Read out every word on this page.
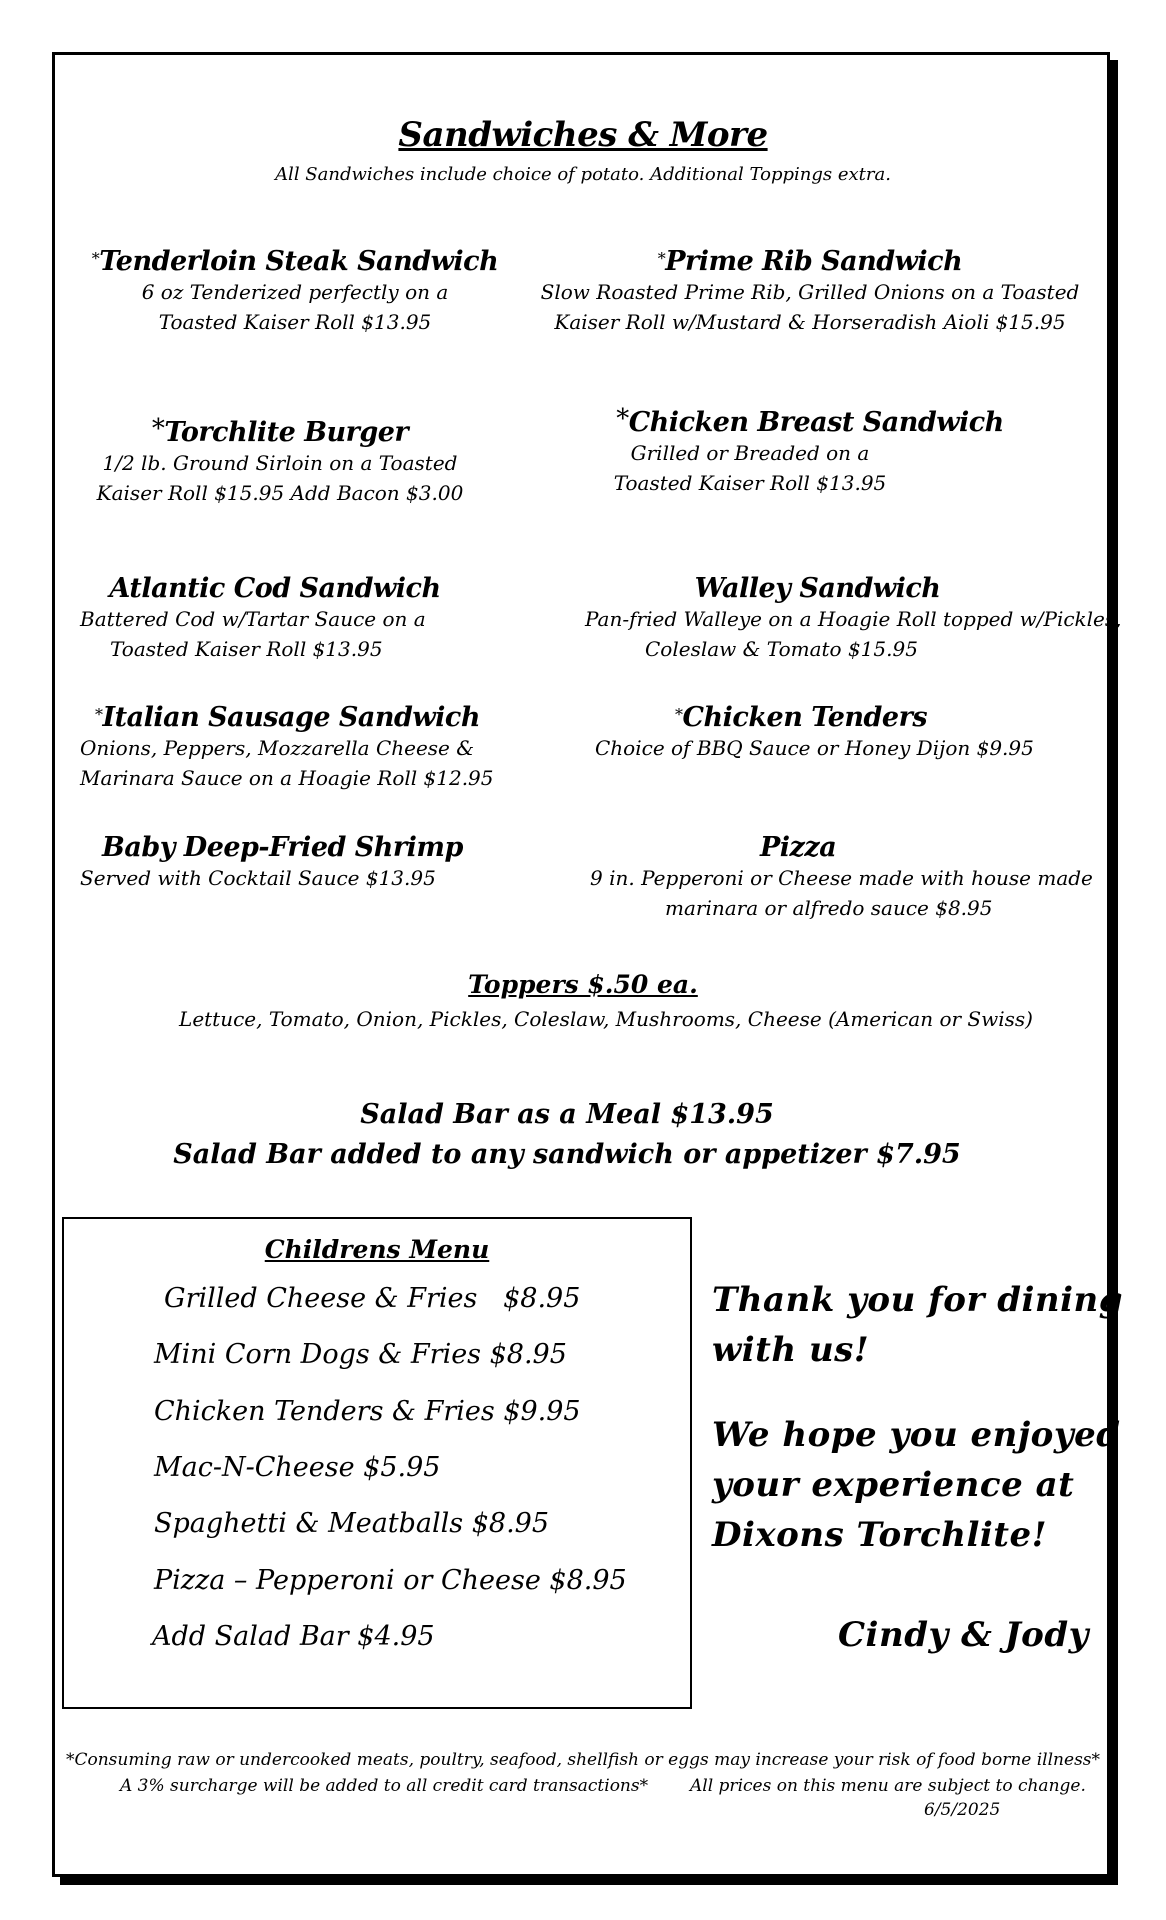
Sandwiches & More
All Sandwiches include choice of potato. Additional Toppings extra.
*Tenderloin Steak Sandwich
6 oz Tenderized perfectly on a
Toasted Kaiser Roll $13.95
*Prime Rib Sandwich
Slow Roasted Prime Rib, Grilled Onions on a Toasted
Kaiser Roll w/Mustard & Horseradish Aioli $15.95
*Torchlite Burger
1/2 lb. Ground Sirloin on a Toasted
Kaiser Roll $15.95 Add Bacon $3.00
*Chicken Breast Sandwich
Grilled or Breaded on a
Toasted Kaiser Roll $13.95
Atlantic Cod Sandwich
Battered Cod w/Tartar Sauce on a
Toasted Kaiser Roll $13.95
Walley Sandwich
Pan-fried Walleye on a Hoagie Roll topped w/Pickles,
Coleslaw & Tomato $15.95
*Italian Sausage Sandwich
Onions, Peppers, Mozzarella Cheese &
Marinara Sauce on a Hoagie Roll $12.95
*Chicken Tenders
Choice of BBQ Sauce or Honey Dijon $9.95
Baby Deep-Fried Shrimp
Served with Cocktail Sauce $13.95
Pizza
9 in. Pepperoni or Cheese made with house made
marinara or alfredo sauce $8.95
Toppers $.50 ea.
Lettuce, Tomato, Onion, Pickles, Coleslaw, Mushrooms, Cheese (American or Swiss)
Salad Bar as a Meal $13.95
Salad Bar added to any sandwich or appetizer $7.95
Childrens Menu
Grilled Cheese & Fries   $8.95
Mini Corn Dogs & Fries $8.95
Chicken Tenders & Fries $9.95
Mac-N-Cheese $5.95
Spaghetti & Meatballs $8.95
Pizza – Pepperoni or Cheese $8.95
Add Salad Bar $4.95
Thank you for dining
with us!
We hope you enjoyed
your experience at
Dixons Torchlite!
Cindy & Jody
*Consuming raw or undercooked meats, poultry, seafood, shellfish or eggs may increase your risk of food borne illness*
A 3% surcharge will be added to all credit card transactions* All prices on this menu are subject to change.
6/5/2025
